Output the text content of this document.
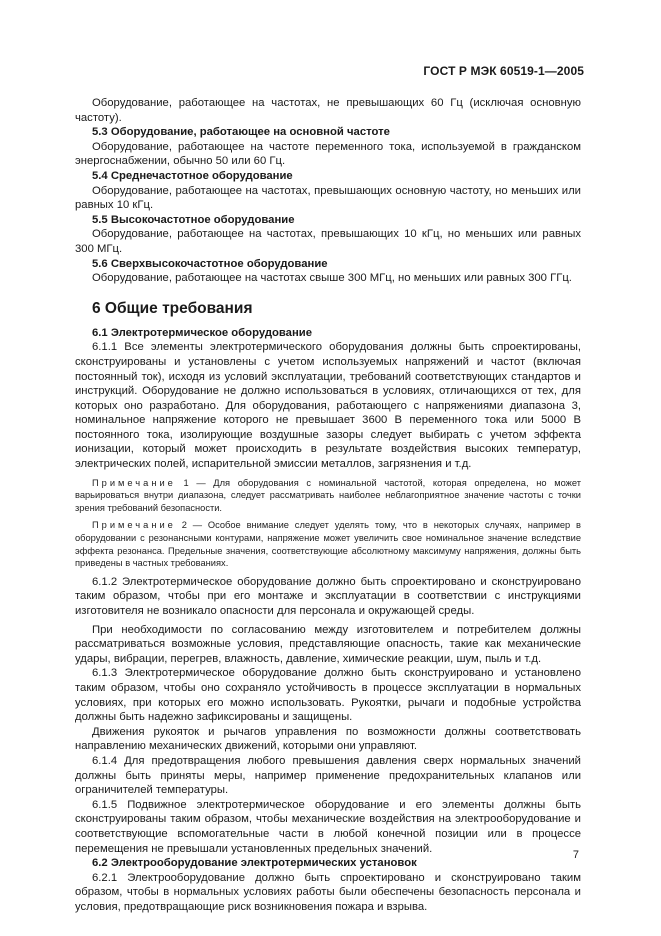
ГОСТ Р МЭК 60519-1—2005

Оборудование, работающее на частотах, не превышающих 60 Гц (исключая основную частоту).

5.3 Оборудование, работающее на основной частоте

Оборудование, работающее на частоте переменного тока, используемой в гражданском энергоснабжении, обычно 50 или 60 Гц.

5.4 Среднечастотное оборудование

Оборудование, работающее на частотах, превышающих основную частоту, но меньших или равных 10 кГц.

5.5 Высокочастотное оборудование

Оборудование, работающее на частотах, превышающих 10 кГц, но меньших или равных 300 МГц.

5.6 Сверхвысокочастотное оборудование

Оборудование, работающее на частотах свыше 300 МГц, но меньших или равных 300 ГГц.

6 Общие требования
6.1 Электротермическое оборудование

6.1.1 Все элементы электротермического оборудования должны быть спроектированы, сконструированы и установлены с учетом используемых напряжений и частот (включая постоянный ток), исходя из условий эксплуатации, требований соответствующих стандартов и инструкций. Оборудование не должно использоваться в условиях, отличающихся от тех, для которых оно разработано. Для оборудования, работающего с напряжениями диапазона 3, номинальное напряжение которого не превышает 3600 В переменного тока или 5000 В постоянного тока, изолирующие воздушные зазоры следует выбирать с учетом эффекта ионизации, который может происходить в результате воздействия высоких температур, электрических полей, испарительной эмиссии металлов, загрязнения и т.д.

Примечание 1 — Для оборудования с номинальной частотой, которая определена, но может варьироваться внутри диапазона, следует рассматривать наиболее неблагоприятное значение частоты с точки зрения требований безопасности.
Примечание 2 — Особое внимание следует уделять тому, что в некоторых случаях, например в оборудовании с резонансными контурами, напряжение может увеличить свое номинальное значение вследствие эффекта резонанса. Предельные значения, соответствующие абсолютному максимуму напряжения, должны быть приведены в частных требованиях.

6.1.2 Электротермическое оборудование должно быть спроектировано и сконструировано таким образом, чтобы при его монтаже и эксплуатации в соответствии с инструкциями изготовителя не возникало опасности для персонала и окружающей среды.

При необходимости по согласованию между изготовителем и потребителем должны рассматриваться возможные условия, представляющие опасность, такие как механические удары, вибрации, перегрев, влажность, давление, химические реакции, шум, пыль и т.д.

6.1.3 Электротермическое оборудование должно быть сконструировано и установлено таким образом, чтобы оно сохраняло устойчивость в процессе эксплуатации в нормальных условиях, при которых его можно использовать. Рукоятки, рычаги и подобные устройства должны быть надежно зафиксированы и защищены.

Движения рукояток и рычагов управления по возможности должны соответствовать направлению механических движений, которыми они управляют.

6.1.4 Для предотвращения любого превышения давления сверх нормальных значений должны быть приняты меры, например применение предохранительных клапанов или ограничителей температуры.

6.1.5 Подвижное электротермическое оборудование и его элементы должны быть сконструированы таким образом, чтобы механические воздействия на электрооборудование и соответствующие вспомогательные части в любой конечной позиции или в процессе перемещения не превышали установленных предельных значений.

6.2 Электрооборудование электротермических установок

6.2.1 Электрооборудование должно быть спроектировано и сконструировано таким образом, чтобы в нормальных условиях работы были обеспечены безопасность персонала и условия, предотвращающие риск возникновения пожара и взрыва.

7
